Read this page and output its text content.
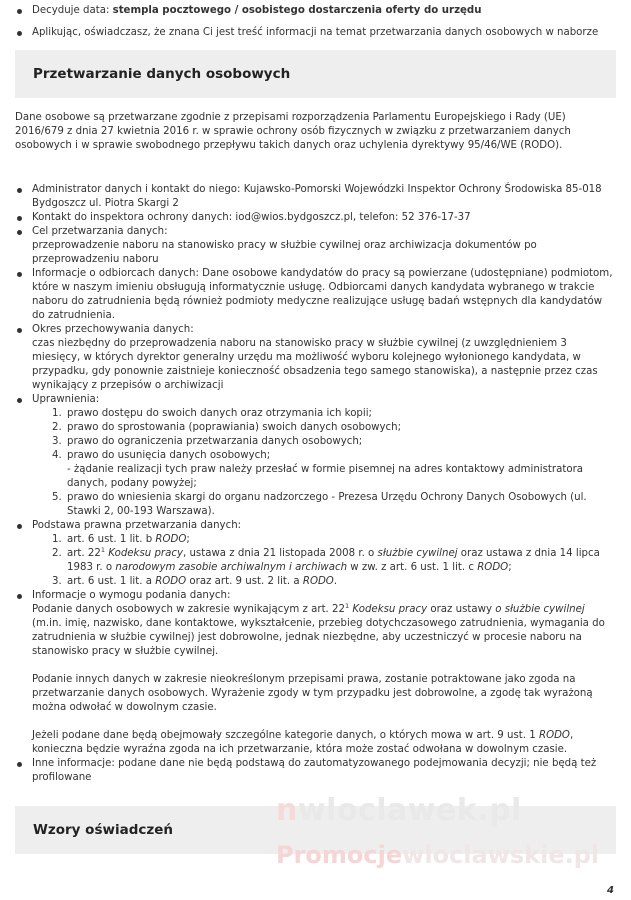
Decyduje data: stempla pocztowego / osobistego dostarczenia oferty do urzędu
Aplikując, oświadczasz, że znana Ci jest treść informacji na temat przetwarzania danych osobowych w naborze
Przetwarzanie danych osobowych

Dane osobowe są przetwarzane zgodnie z przepisami rozporządzenia Parlamentu Europejskiego i Rady (UE) 2016/679 z dnia 27 kwietnia 2016 r. w sprawie ochrony osób fizycznych w związku z przetwarzaniem danych osobowych i w sprawie swobodnego przepływu takich danych oraz uchylenia dyrektywy 95/46/WE (RODO).

Administrator danych i kontakt do niego: Kujawsko-Pomorski Wojewódzki Inspektor Ochrony Środowiska 85-018 Bydgoszcz ul. Piotra Skargi 2
Kontakt do inspektora ochrony danych: iod@wios.bydgoszcz.pl, telefon: 52 376-17-37
Cel przetwarzania danych:
przeprowadzenie naboru na stanowisko pracy w służbie cywilnej oraz archiwizacja dokumentów po przeprowadzeniu naboru
Informacje o odbiorcach danych: Dane osobowe kandydatów do pracy są powierzane (udostępniane) podmiotom, które w naszym imieniu obsługują informatycznie usługę. Odbiorcami danych kandydata wybranego w trakcie naboru do zatrudnienia będą również podmioty medyczne realizujące usługę badań wstępnych dla kandydatów do zatrudnienia.
Okres przechowywania danych:
czas niezbędny do przeprowadzenia naboru na stanowisko pracy w służbie cywilnej (z uwzględnieniem 3 miesięcy, w których dyrektor generalny urzędu ma możliwość wyboru kolejnego wyłonionego kandydata, w przypadku, gdy ponownie zaistnieje konieczność obsadzenia tego samego stanowiska), a następnie przez czas wynikający z przepisów o archiwizacji
Uprawnienia:
1. prawo dostępu do swoich danych oraz otrzymania ich kopii;
2. prawo do sprostowania (poprawiania) swoich danych osobowych;
3. prawo do ograniczenia przetwarzania danych osobowych;
4. prawo do usunięcia danych osobowych;
- żądanie realizacji tych praw należy przesłać w formie pisemnej na adres kontaktowy administratora danych, podany powyżej;
5. prawo do wniesienia skargi do organu nadzorczego - Prezesa Urzędu Ochrony Danych Osobowych (ul. Stawki 2, 00-193 Warszawa).
Podstawa prawna przetwarzania danych:
1. art. 6 ust. 1 lit. b RODO;
2. art. $22^1$ Kodeksu pracy, ustawa z dnia 21 listopada 2008 r. o służbie cywilnej oraz ustawa z dnia 14 lipca 1983 r. o narodowym zasobie archiwalnym i archiwach w zw. z art. 6 ust. 1 lit. c RODO;
3. art. 6 ust. 1 lit. a RODO oraz art. 9 ust. 2 lit. a RODO.
Informacje o wymogu podania danych:
Podanie danych osobowych w zakresie wynikającym z art. $22^1$ Kodeksu pracy oraz ustawy o służbie cywilnej (m.in. imię, nazwisko, dane kontaktowe, wykształcenie, przebieg dotychczasowego zatrudnienia, wymagania do zatrudnienia w służbie cywilnej) jest dobrowolne, jednak niezbędne, aby uczestniczyć w procesie naboru na stanowisko pracy w służbie cywilnej.
Podanie innych danych w zakresie nieokreślonym przepisami prawa, zostanie potraktowane jako zgoda na przetwarzanie danych osobowych. Wyrażenie zgody w tym przypadku jest dobrowolne, a zgodę tak wyrażoną można odwołać w dowolnym czasie.
Jeżeli podane dane będą obejmowały szczególne kategorie danych, o których mowa w art. 9 ust. 1 RODO, konieczna będzie wyraźna zgoda na ich przetwarzanie, która może zostać odwołana w dowolnym czasie.
Inne informacje: podane dane nie będą podstawą do zautomatyzowanego podejmowania decyzji; nie będą też profilowane
Wzory oświadczeń
nwloclawek.pl
Promocjewloclawskie.pl
4
